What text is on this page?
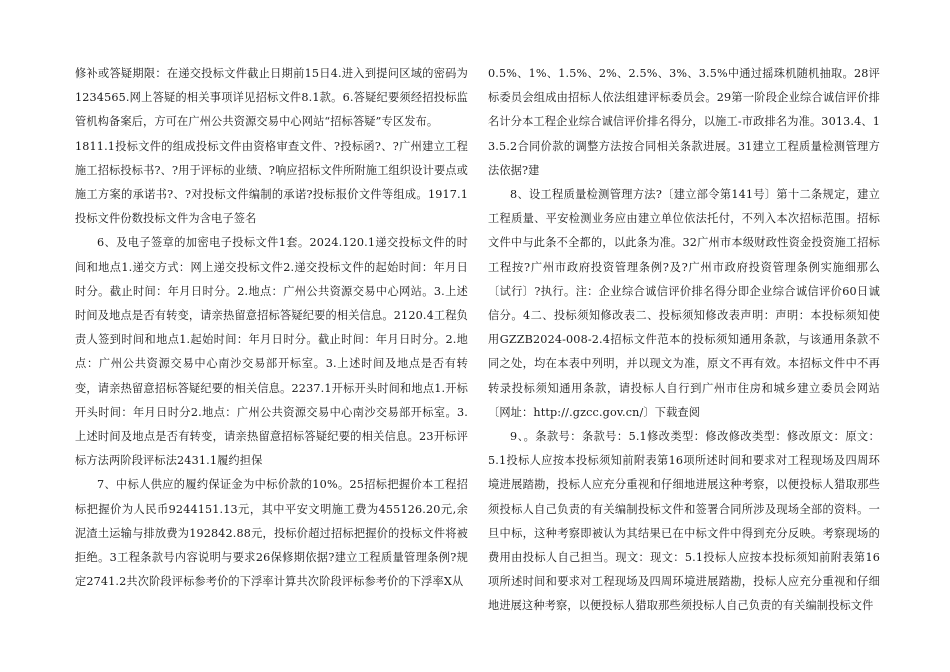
修补或答疑期限：在递交投标文件截止日期前15日4.进入到提问区域的密码为1234565.网上答疑的相关事项详见招标文件8.1款。6.答疑纪要须经招投标监管机构备案后，方可在广州公共资源交易中心网站“招标答疑”专区发布。

1811.1投标文件的组成投标文件由资格审查文件、?投标函?、?广州建立工程施工招标投标书?、?用于评标的业绩、?响应招标文件所附施工组织设计要点或施工方案的承诺书?、?对投标文件编制的承诺?投标报价文件等组成。1917.1投标文件份数投标文件为含电子签名

6、及电子签章的加密电子投标文件1套。2024.120.1递交投标文件的时间和地点1.递交方式：网上递交投标文件2.递交投标文件的起始时间：年月日时分。截止时间：年月日时分。2.地点：广州公共资源交易中心网站。3.上述时间及地点是否有转变，请亲热留意招标答疑纪要的相关信息。2120.4工程负责人签到时间和地点1.起始时间：年月日时分。截止时间：年月日时分。2.地点：广州公共资源交易中心南沙交易部开标室。3.上述时间及地点是否有转变，请亲热留意招标答疑纪要的相关信息。2237.1开标开头时间和地点1.开标开头时间：年月日时分2.地点：广州公共资源交易中心南沙交易部开标室。3.上述时间及地点是否有转变，请亲热留意招标答疑纪要的相关信息。23开标评标方法两阶段评标法2431.1履约担保

7、中标人供应的履约保证金为中标价款的10%。25招标把握价本工程招标把握价为人民币9244151.13元，其中平安文明施工费为455126.20元,余泥渣土运输与排放费为192842.88元，投标价超过招标把握价的投标文件将被拒绝。3工程条款号内容说明与要求26保修期依据?建立工程质量管理条例?规定2741.2共次阶段评标参考价的下浮率计算共次阶段评标参考价的下浮率X从

0.5%、1%、1.5%、2%、2.5%、3%、3.5%中通过摇珠机随机抽取。28评标委员会组成由招标人依法组建评标委员会。29第一阶段企业综合诚信评价排名计分本工程企业综合诚信评价排名得分，以施工-市政排名为准。3013.4、13.5.2合同价款的调整方法按合同相关条款进展。31建立工程质量检测管理方法依据?建

8、设工程质量检测管理方法?〔建立部令第141号〕第十二条规定，建立工程质量、平安检测业务应由建立单位依法托付，不列入本次招标范围。招标文件中与此条不全都的，以此条为准。32广州市本级财政性资金投资施工招标工程按?广州市政府投资管理条例?及?广州市政府投资管理条例实施细那么〔试行〕?执行。注：企业综合诚信评价排名得分即企业综合诚信评价60日诚信分。4二、投标须知修改表二、投标须知修改表声明：声明：本投标须知使用GZZB2024-008-2.4招标文件范本的投标须知通用条款，与该通用条款不同之处，均在本表中列明，并以现文为准，原文不再有效。本招标文件中不再转录投标须知通用条款，请投标人自行到广州市住房和城乡建立委员会网站〔网址：http://.gzcc.gov.cn/〕下载查阅

9、。条款号：条款号：5.1修改类型：修改修改类型：修改原文：原文：5.1投标人应按本投标须知前附表第16项所述时间和要求对工程现场及四周环境进展踏勘，投标人应充分重视和仔细地进展这种考察，以便投标人猎取那些须投标人自己负责的有关编制投标文件和签署合同所涉及现场全部的资料。一旦中标，这种考察即被认为其结果已在中标文件中得到充分反映。考察现场的费用由投标人自己担当。现文：现文：5.1投标人应按本投标须知前附表第16项所述时间和要求对工程现场及四周环境进展踏勘，投标人应充分重视和仔细地进展这种考察，以便投标人猎取那些须投标人自己负责的有关编制投标文件
